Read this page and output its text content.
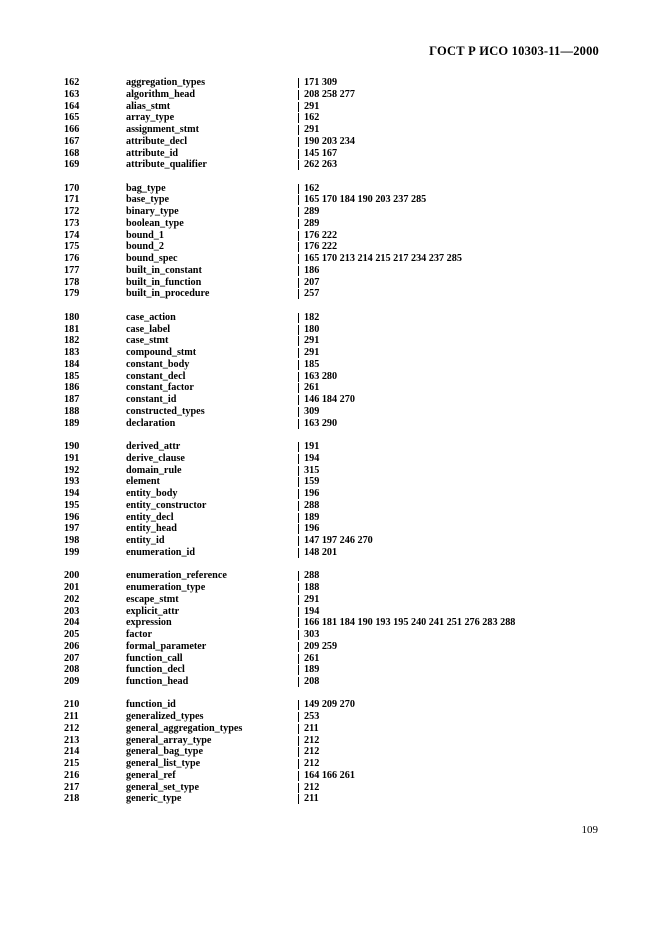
ГОСТ Р ИСО 10303-11—2000
162	aggregation_types	171 309
163	algorithm_head	208 258 277
164	alias_stmt	291
165	array_type	162
166	assignment_stmt	291
167	attribute_decl	190 203 234
168	attribute_id	145 167
169	attribute_qualifier	262 263
170	bag_type	162
171	base_type	165 170 184 190 203 237 285
172	binary_type	289
173	boolean_type	289
174	bound_1	176 222
175	bound_2	176 222
176	bound_spec	165 170 213 214 215 217 234 237 285
177	built_in_constant	186
178	built_in_function	207
179	built_in_procedure	257
180	case_action	182
181	case_label	180
182	case_stmt	291
183	compound_stmt	291
184	constant_body	185
185	constant_decl	163 280
186	constant_factor	261
187	constant_id	146 184 270
188	constructed_types	309
189	declaration	163 290
190	derived_attr	191
191	derive_clause	194
192	domain_rule	315
193	element	159
194	entity_body	196
195	entity_constructor	288
196	entity_decl	189
197	entity_head	196
198	entity_id	147 197 246 270
199	enumeration_id	148 201
200	enumeration_reference	288
201	enumeration_type	188
202	escape_stmt	291
203	explicit_attr	194
204	expression	166 181 184 190 193 195 240 241 251 276 283 288
205	factor	303
206	formal_parameter	209 259
207	function_call	261
208	function_decl	189
209	function_head	208
210	function_id	149 209 270
211	generalized_types	253
212	general_aggregation_types	211
213	general_array_type	212
214	general_bag_type	212
215	general_list_type	212
216	general_ref	164 166 261
217	general_set_type	212
218	generic_type	211
109
